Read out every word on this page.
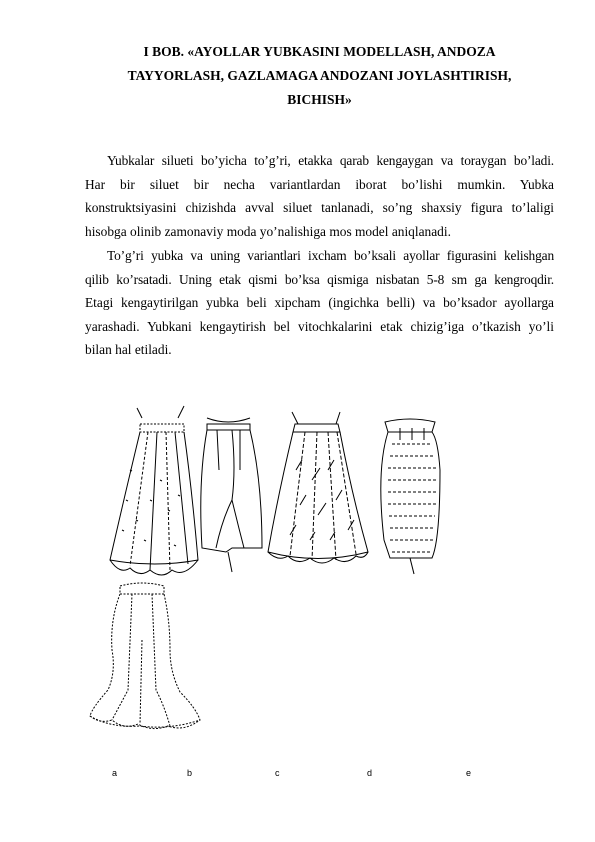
I BOB. «AYOLLAR YUBKASINI MODELLASH, ANDOZA
TAYYORLASH, GAZLAMAGA ANDOZANI JOYLASHTIRISH,
BICHISH»
Yubkalar silueti bo’yicha to’g’ri, etakka qarab kengaygan va toraygan bo’ladi.
Har bir siluet bir necha variantlardan iborat bo’lishi mumkin. Yubka
konstruktsiyasini chizishda avval siluet tanlanadi, so’ng shaxsiy figura to’laligi
hisobga olinib zamonaviy moda yo’nalishiga mos model aniqlanadi.
To’g’ri yubka va uning variantlari ixcham bo’ksali ayollar figurasini kelishgan
qilib ko’rsatadi. Uning etak qismi bo’ksa qismiga nisbatan 5-8 sm ga kengroqdir.
Etagi kengaytirilgan yubka beli xipcham (ingichka belli) va bo’ksador ayollarga
yarashadi. Yubkani kengaytirish bel vitochkalarini etak chizig’iga o’tkazish yo’li
bilan hal etiladi.
a	b	c	d	e
